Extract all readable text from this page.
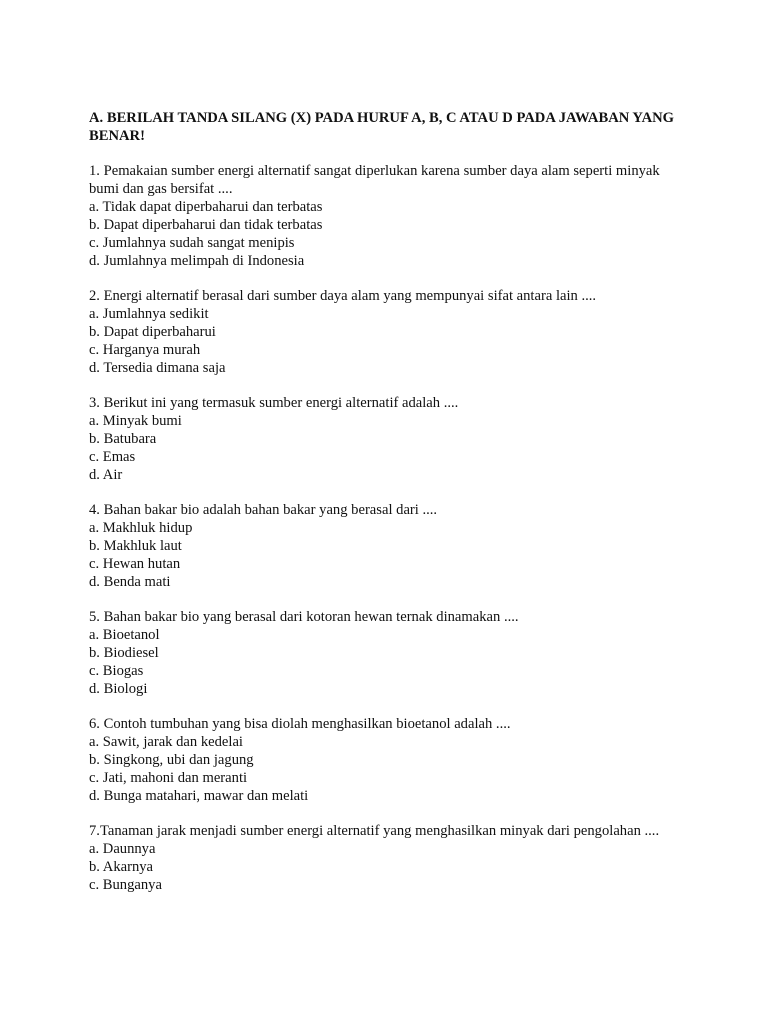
A. BERILAH TANDA SILANG (X) PADA HURUF A, B, C ATAU D PADA JAWABAN YANG BENAR!

1. Pemakaian sumber energi alternatif sangat diperlukan karena sumber daya alam seperti minyak bumi dan gas bersifat ....
a. Tidak dapat diperbaharui dan terbatas
b. Dapat diperbaharui dan tidak terbatas
c. Jumlahnya sudah sangat menipis
d. Jumlahnya melimpah di Indonesia
2. Energi alternatif berasal dari sumber daya alam yang mempunyai sifat antara lain ....
a. Jumlahnya sedikit
b. Dapat diperbaharui
c. Harganya murah
d. Tersedia dimana saja
3. Berikut ini yang termasuk sumber energi alternatif adalah ....
a. Minyak bumi
b. Batubara
c. Emas
d. Air
4. Bahan bakar bio adalah bahan bakar yang berasal dari ....
a. Makhluk hidup
b. Makhluk laut
c. Hewan hutan
d. Benda mati
5. Bahan bakar bio yang berasal dari kotoran hewan ternak dinamakan ....
a. Bioetanol
b. Biodiesel
c. Biogas
d. Biologi
6. Contoh tumbuhan yang bisa diolah menghasilkan bioetanol adalah ....
a. Sawit, jarak dan kedelai
b. Singkong, ubi dan jagung
c. Jati, mahoni dan meranti
d. Bunga matahari, mawar dan melati
7.Tanaman jarak menjadi sumber energi alternatif yang menghasilkan minyak dari pengolahan ....
a. Daunnya
b. Akarnya
c. Bunganya
